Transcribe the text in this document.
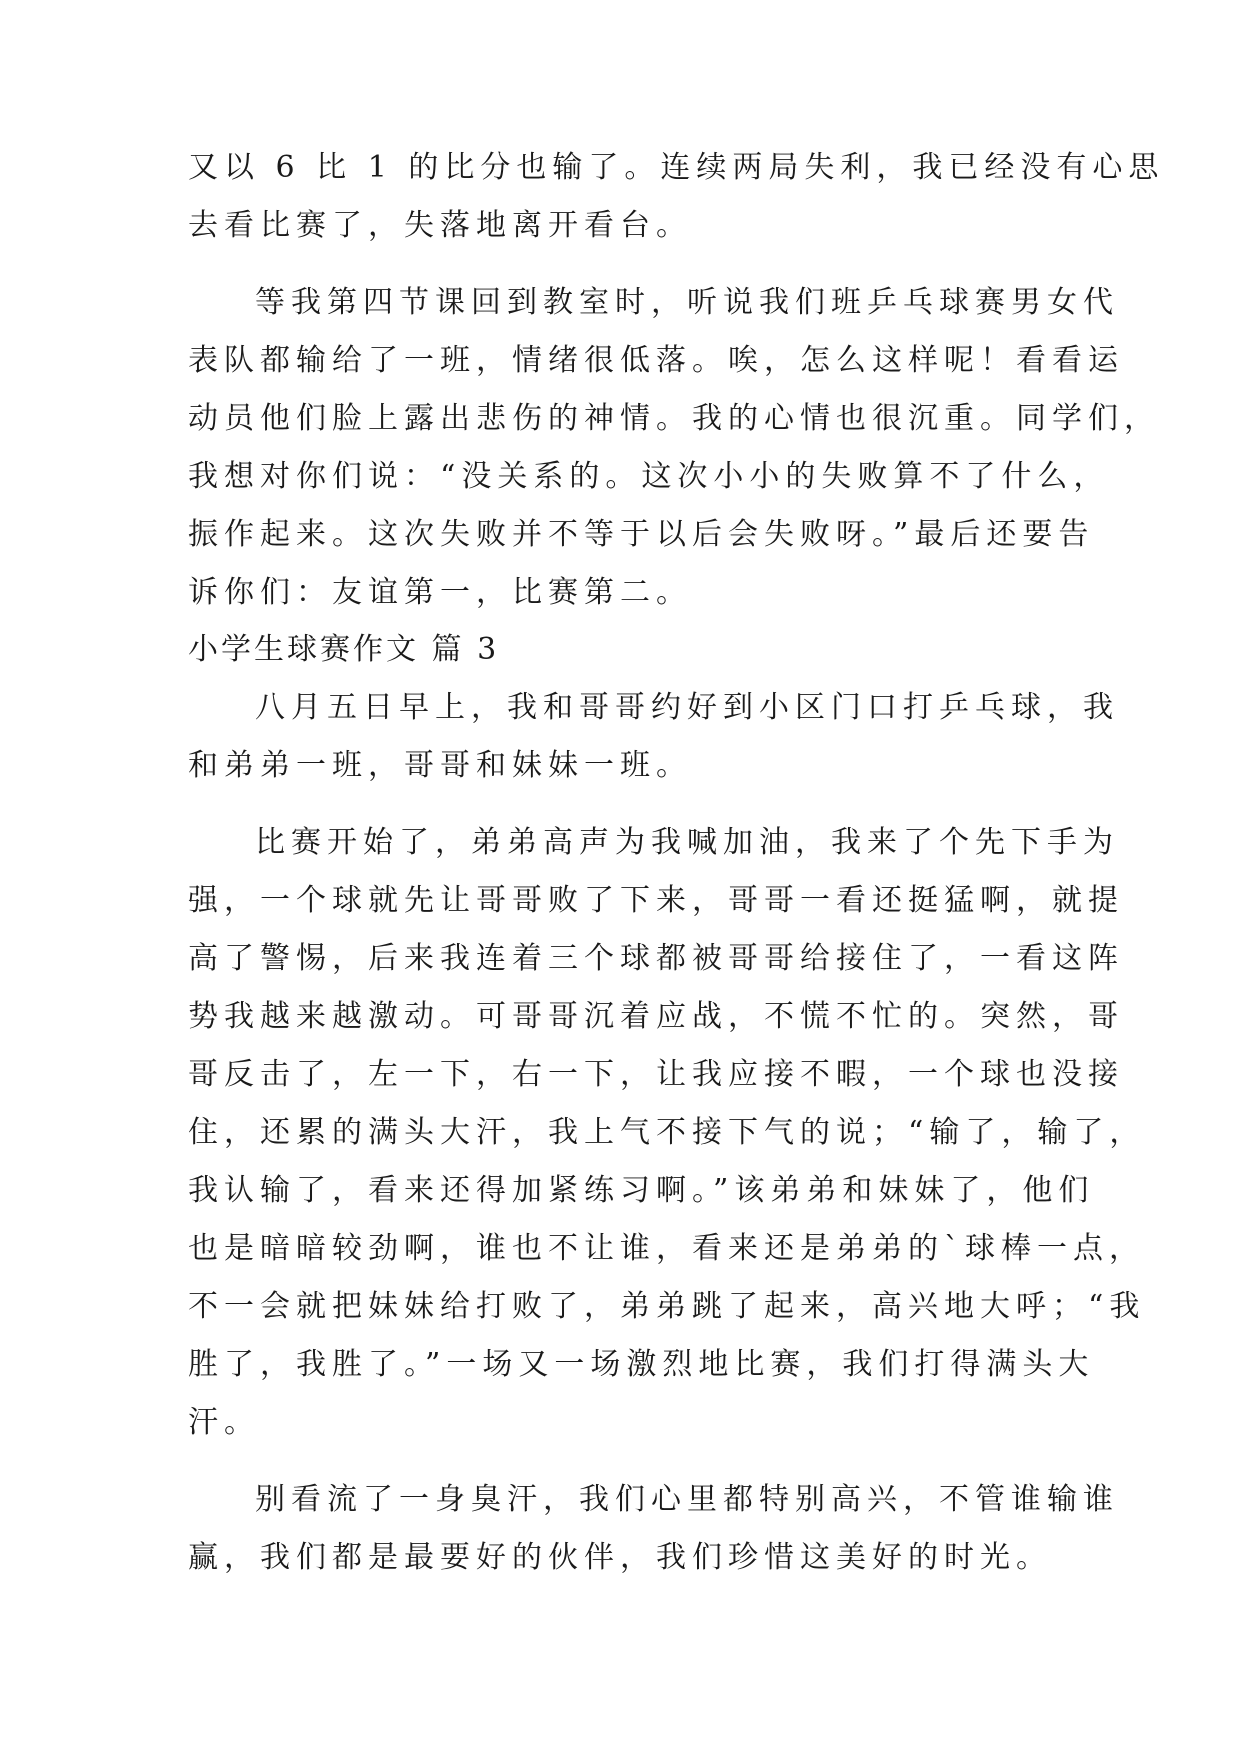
又以 6 比 1 的比分也输了。连续两局失利，我已经没有心思

去看比赛了，失落地离开看台。

等我第四节课回到教室时，听说我们班乒乓球赛男女代

表队都输给了一班，情绪很低落。唉，怎么这样呢！看看运

动员他们脸上露出悲伤的神情。我的心情也很沉重。同学们，

我想对你们说：“没关系的。这次小小的失败算不了什么，

振作起来。这次失败并不等于以后会失败呀。”最后还要告

诉你们：友谊第一，比赛第二。

小学生球赛作文 篇 3

八月五日早上，我和哥哥约好到小区门口打乒乓球，我

和弟弟一班，哥哥和妹妹一班。

比赛开始了，弟弟高声为我喊加油，我来了个先下手为

强，一个球就先让哥哥败了下来，哥哥一看还挺猛啊，就提

高了警惕，后来我连着三个球都被哥哥给接住了，一看这阵

势我越来越激动。可哥哥沉着应战，不慌不忙的。突然，哥

哥反击了，左一下，右一下，让我应接不暇，一个球也没接

住，还累的满头大汗，我上气不接下气的说；“输了，输了，

我认输了，看来还得加紧练习啊。”该弟弟和妹妹了，他们

也是暗暗较劲啊，谁也不让谁，看来还是弟弟的`球棒一点，

不一会就把妹妹给打败了，弟弟跳了起来，高兴地大呼；“我

胜了，我胜了。”一场又一场激烈地比赛，我们打得满头大

汗。

别看流了一身臭汗，我们心里都特别高兴，不管谁输谁

赢，我们都是最要好的伙伴，我们珍惜这美好的时光。
